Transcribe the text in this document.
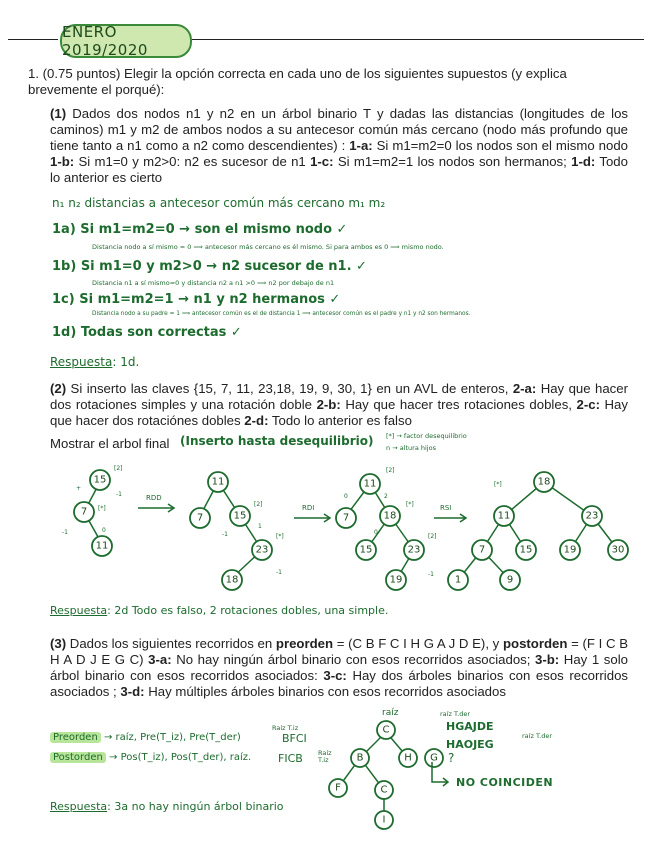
ENERO 2019/2020

1. (0.75 puntos) Elegir la opción correcta en cada uno de los siguientes supuestos (y explica brevemente el porqué):

(1) Dados dos nodos n1 y n2 en un árbol binario T y dadas las distancias (longitudes de los caminos) m1 y m2 de ambos nodos a su antecesor común más cercano (nodo más profundo que tiene tanto a n1 como a n2 como descendientes) : 1-a: Si m1=m2=0 los nodos son el mismo nodo 1-b: Si m1=0 y m2>0: n2 es sucesor de n1 1-c: Si m1=m2=1 los nodos son hermanos; 1-d: Todo lo anterior es cierto

n₁ n₂ distancias a antecesor común más cercano m₁ m₂
1a) Si m1=m2=0 → son el mismo nodo ✓
Distancia nodo a sí mismo = 0 ⟹ antecesor más cercano es él mismo. Si para ambos es 0 ⟹ mismo nodo.
1b) Si m1=0 y m2>0 → n2 sucesor de n1. ✓
Distancia n1 a sí mismo=0 y distancia n2 a n1 >0 ⟹ n2 por debajo de n1
1c) Si m1=m2=1 → n1 y n2 hermanos ✓
Distancia nodo a su padre = 1 ⟹ antecesor común es el de distancia 1 ⟹ antecesor común es el padre y n1 y n2 son hermanos.
1d) Todas son correctas ✓
Respuesta: 1d.

(2) Si inserto las claves {15, 7, 11, 23,18, 19, 9, 30, 1} en un AVL de enteros, 2-a: Hay que hacer dos rotaciones simples y una rotación doble 2-b: Hay que hacer tres rotaciones dobles, 2-c: Hay que hacer dos rotaciónes dobles 2-d: Todo lo anterior es falso

Mostrar el arbol final (Inserto hasta desequilibrio) [*] → factor desequilibrio
n → altura hijos
15
7
11
[2]
[*]
+
-1
-1	0
RDD
11
7	15
23
18
[2]
[*]
-1
1
-1
RDI
11
7	18
15	23
19
[2]
[*]
[2]
0	2
0
-1
RSI
18
11	23
7	15	19	30
1	9
[*]
Respuesta: 2d Todo es falso, 2 rotaciones dobles, una simple.

(3) Dados los siguientes recorridos en preorden = (C B F C I H G A J D E), y postorden = (F I C B H A D J E G C) 3-a: No hay ningún árbol binario con esos recorridos asociados; 3-b: Hay 1 solo árbol binario con esos recorridos asociados: 3-c: Hay dos árboles binarios con esos recorridos asociados ; 3-d: Hay múltiples árboles binarios con esos recorridos asociados

Preorden → raíz, Pre(T_iz), Pre(T_der)
Postorden → Pos(T_iz), Pos(T_der), raíz.
Raíz T.iz
BFCI
FICB Raíz T.iz
raíz	raíz T.der
HGAJDE
HAOJEG
raíz T.der
C
B	H G
F	C
I
?
NO COINCIDEN
Respuesta: 3a no hay ningún árbol binario
